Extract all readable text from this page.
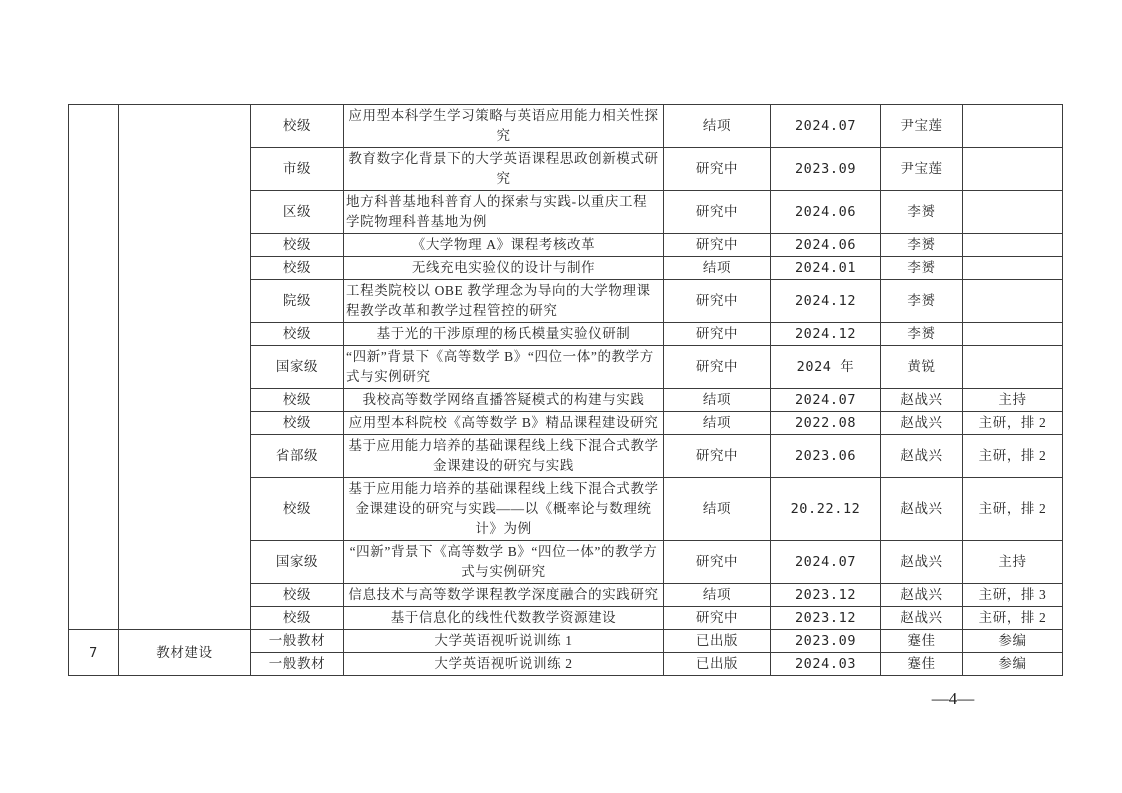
		校级	应用型本科学生学习策略与英语应用能力相关性探究	结项	2024.07	尹宝莲	
		市级	教育数字化背景下的大学英语课程思政创新模式研究	研究中	2023.09	尹宝莲	
		区级	地方科普基地科普育人的探索与实践-以重庆工程学院物理科普基地为例	研究中	2024.06	李赟	
		校级	《大学物理 A》课程考核改革	研究中	2024.06	李赟	
		校级	无线充电实验仪的设计与制作	结项	2024.01	李赟	
		院级	工程类院校以 OBE 教学理念为导向的大学物理课程教学改革和教学过程管控的研究	研究中	2024.12	李赟	
		校级	基于光的干涉原理的杨氏模量实验仪研制	研究中	2024.12	李赟	
		国家级	“四新”背景下《高等数学 B》“四位一体”的教学方式与实例研究	研究中	2024 年	黄锐	
		校级	我校高等数学网络直播答疑模式的构建与实践	结项	2024.07	赵战兴	主持
		校级	应用型本科院校《高等数学 B》精品课程建设研究	结项	2022.08	赵战兴	主研，排 2
		省部级	基于应用能力培养的基础课程线上线下混合式教学金课建设的研究与实践	研究中	2023.06	赵战兴	主研，排 2
		校级	基于应用能力培养的基础课程线上线下混合式教学金课建设的研究与实践——以《概率论与数理统计》为例	结项	20.22.12	赵战兴	主研，排 2
		国家级	“四新”背景下《高等数学 B》“四位一体”的教学方式与实例研究	研究中	2024.07	赵战兴	主持
		校级	信息技术与高等数学课程教学深度融合的实践研究	结项	2023.12	赵战兴	主研，排 3
		校级	基于信息化的线性代数教学资源建设	研究中	2023.12	赵战兴	主研，排 2
7	教材建设	一般教材	大学英语视听说训练 1	已出版	2023.09	蹇佳	参编
		一般教材	大学英语视听说训练 2	已出版	2024.03	蹇佳	参编
—4—
